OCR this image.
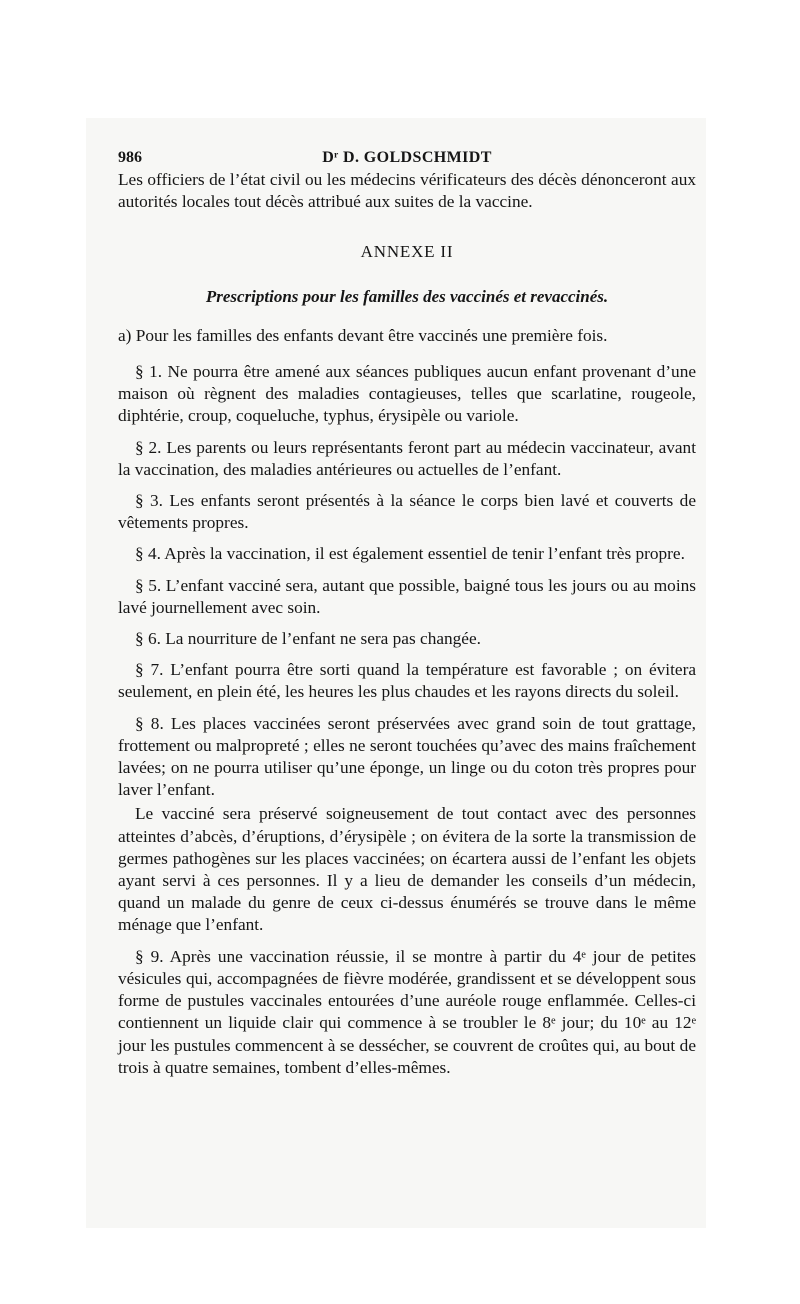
986	Dʳ D. GOLDSCHMIDT

Les officiers de l’état civil ou les médecins vérificateurs des décès dénonceront aux autorités locales tout décès attribué aux suites de la vaccine.

ANNEXE II

Prescriptions pour les familles des vaccinés et revaccinés.

a) Pour les familles des enfants devant être vaccinés une première fois.

§ 1. Ne pourra être amené aux séances publiques aucun enfant provenant d’une maison où règnent des maladies contagieuses, telles que scarlatine, rougeole, diphtérie, croup, coqueluche, typhus, érysipèle ou variole.

§ 2. Les parents ou leurs représentants feront part au médecin vaccinateur, avant la vaccination, des maladies antérieures ou actuelles de l’enfant.

§ 3. Les enfants seront présentés à la séance le corps bien lavé et couverts de vêtements propres.

§ 4. Après la vaccination, il est également essentiel de tenir l’enfant très propre.

§ 5. L’enfant vacciné sera, autant que possible, baigné tous les jours ou au moins lavé journellement avec soin.

§ 6. La nourriture de l’enfant ne sera pas changée.

§ 7. L’enfant pourra être sorti quand la température est favorable ; on évitera seulement, en plein été, les heures les plus chaudes et les rayons directs du soleil.

§ 8. Les places vaccinées seront préservées avec grand soin de tout grattage, frottement ou malpropreté ; elles ne seront touchées qu’avec des mains fraîchement lavées; on ne pourra utiliser qu’une éponge, un linge ou du coton très propres pour laver l’enfant.

Le vacciné sera préservé soigneusement de tout contact avec des personnes atteintes d’abcès, d’éruptions, d’érysipèle ; on évitera de la sorte la transmission de germes pathogènes sur les places vaccinées; on écartera aussi de l’enfant les objets ayant servi à ces personnes. Il y a lieu de demander les conseils d’un médecin, quand un malade du genre de ceux ci-dessus énumérés se trouve dans le même ménage que l’enfant.

§ 9. Après une vaccination réussie, il se montre à partir du 4ᵉ jour de petites vésicules qui, accompagnées de fièvre modérée, grandissent et se développent sous forme de pustules vaccinales entourées d’une auréole rouge enflammée. Celles-ci contiennent un liquide clair qui commence à se troubler le 8ᵉ jour; du 10ᵉ au 12ᵉ jour les pustules commencent à se dessécher, se couvrent de croûtes qui, au bout de trois à quatre semaines, tombent d’elles-mêmes.
